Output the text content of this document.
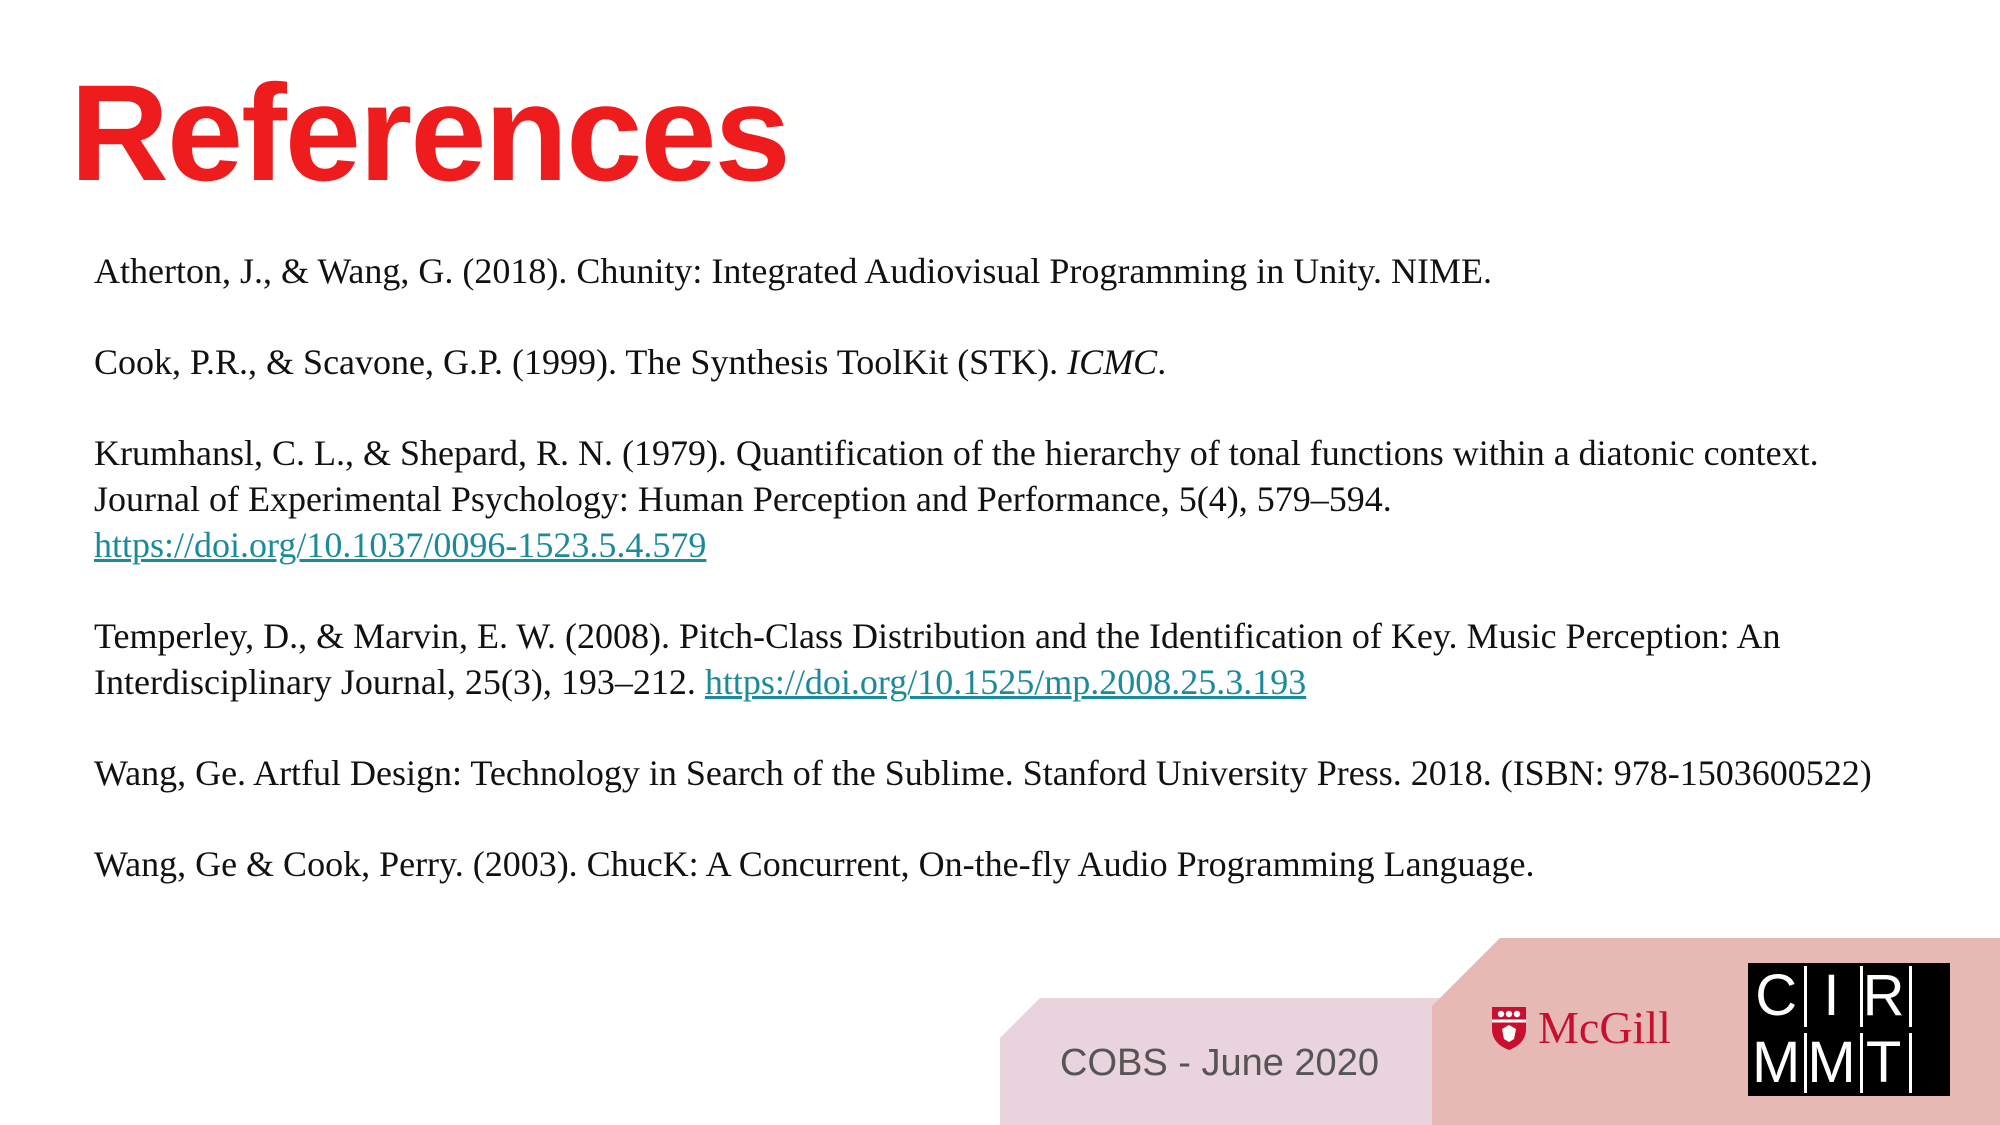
References

Atherton, J., & Wang, G. (2018). Chunity: Integrated Audiovisual Programming in Unity. NIME.

Cook, P.R., & Scavone, G.P. (1999). The Synthesis ToolKit (STK). ICMC.

Krumhansl, C. L., & Shepard, R. N. (1979). Quantification of the hierarchy of tonal functions within a diatonic context. Journal of Experimental Psychology: Human Perception and Performance, 5(4), 579–594.
https://doi.org/10.1037/0096-1523.5.4.579

Temperley, D., & Marvin, E. W. (2008). Pitch-Class Distribution and the Identification of Key. Music Perception: An Interdisciplinary Journal, 25(3), 193–212. https://doi.org/10.1525/mp.2008.25.3.193

Wang, Ge. Artful Design: Technology in Search of the Sublime. Stanford University Press. 2018. (ISBN: 978-1503600522)

Wang, Ge & Cook, Perry. (2003). ChucK: A Concurrent, On-the-fly Audio Programming Language.

COBS - June 2020
McGill C I R
M M T
